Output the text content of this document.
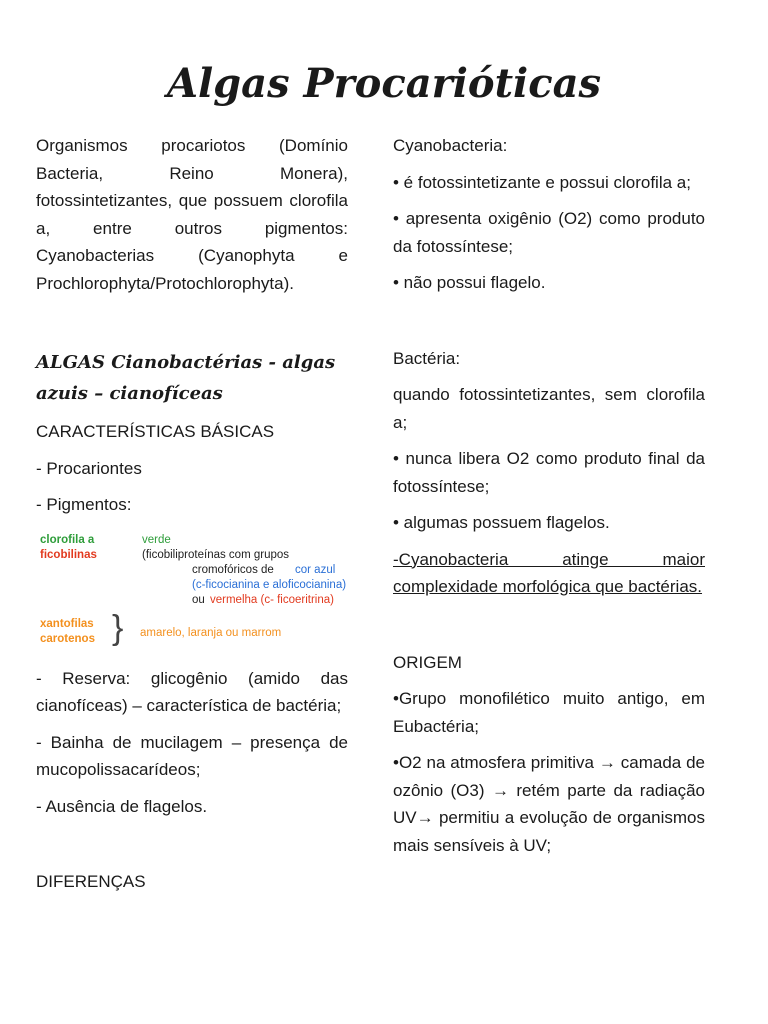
Algas Procarióticas

Organismos procariotos (Domínio Bacteria, Reino Monera), fotossintetizantes, que possuem clorofila a, entre outros pigmentos: Cyanobacterias (Cyanophyta e Prochlorophyta/Protochlorophyta).

ALGAS Cianobactérias - algas azuis – cianofíceas

CARACTERÍSTICAS BÁSICAS

- Procariontes

- Pigmentos:

clorofila a
ficobilinas
verde
(ficobiliproteínas com grupos
cromofóricos de cor azul
(c-ficocianina e aloficocianina)
ou vermelha (c- ficoeritrina)
xantofilas
carotenos } amarelo, laranja ou marrom

- Reserva: glicogênio (amido das cianofíceas) – característica de bactéria;

- Bainha de mucilagem – presença de mucopolissacarídeos;

- Ausência de flagelos.

DIFERENÇAS

Cyanobacteria:

• é fotossintetizante e possui clorofila a;

• apresenta oxigênio (O2) como produto da fotossíntese;

• não possui flagelo.

Bactéria:

quando fotossintetizantes, sem clorofila a;

• nunca libera O2 como produto final da fotossíntese;

• algumas possuem flagelos.

-Cyanobacteria atinge maior complexidade morfológica que bactérias.

ORIGEM

•Grupo monofilético muito antigo, em Eubactéria;

•O2 na atmosfera primitiva → camada de ozônio (O3) → retém parte da radiação UV→ permitiu a evolução de organismos mais sensíveis à UV;
